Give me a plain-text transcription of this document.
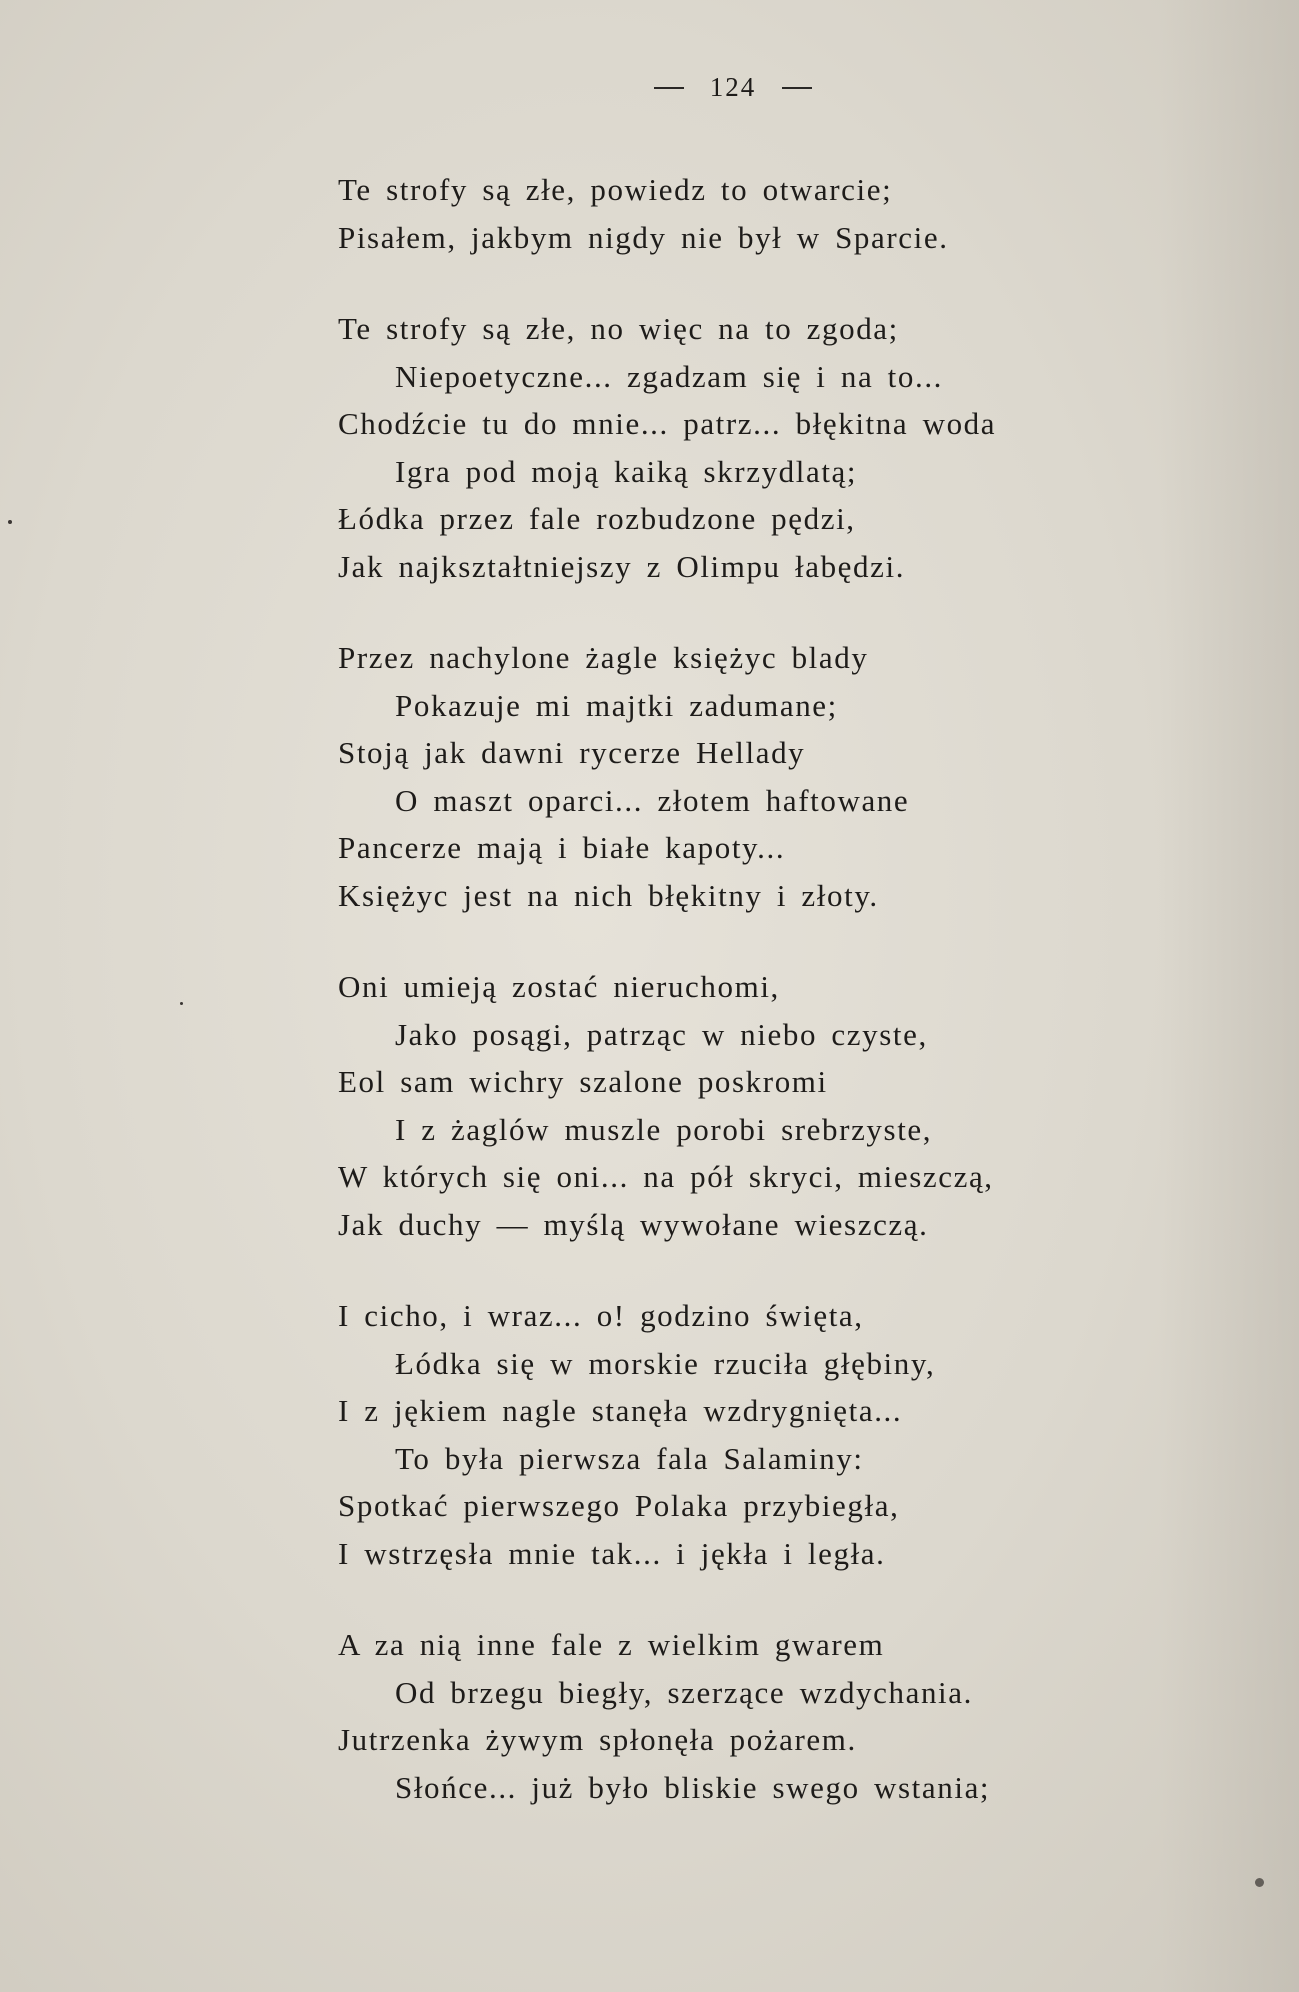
124
Te strofy są złe, powiedz to otwarcie;
Pisałem, jakbym nigdy nie był w Sparcie.
Te strofy są złe, no więc na to zgoda;
Niepoetyczne... zgadzam się i na to...
Chodźcie tu do mnie... patrz... błękitna woda
Igra pod moją kaiką skrzydlatą;
Łódka przez fale rozbudzone pędzi,
Jak najkształtniejszy z Olimpu łabędzi.
Przez nachylone żagle księżyc blady
Pokazuje mi majtki zadumane;
Stoją jak dawni rycerze Hellady
O maszt oparci... złotem haftowane
Pancerze mają i białe kapoty...
Księżyc jest na nich błękitny i złoty.
Oni umieją zostać nieruchomi,
Jako posągi, patrząc w niebo czyste,
Eol sam wichry szalone poskromi
I z żaglów muszle porobi srebrzyste,
W których się oni... na pół skryci, mieszczą,
Jak duchy — myślą wywołane wieszczą.
I cicho, i wraz... o! godzino święta,
Łódka się w morskie rzuciła głębiny,
I z jękiem nagle stanęła wzdrygnięta...
To była pierwsza fala Salaminy:
Spotkać pierwszego Polaka przybiegła,
I wstrzęsła mnie tak... i jękła i legła.
A za nią inne fale z wielkim gwarem
Od brzegu biegły, szerzące wzdychania.
Jutrzenka żywym spłonęła pożarem.
Słońce... już było bliskie swego wstania;
